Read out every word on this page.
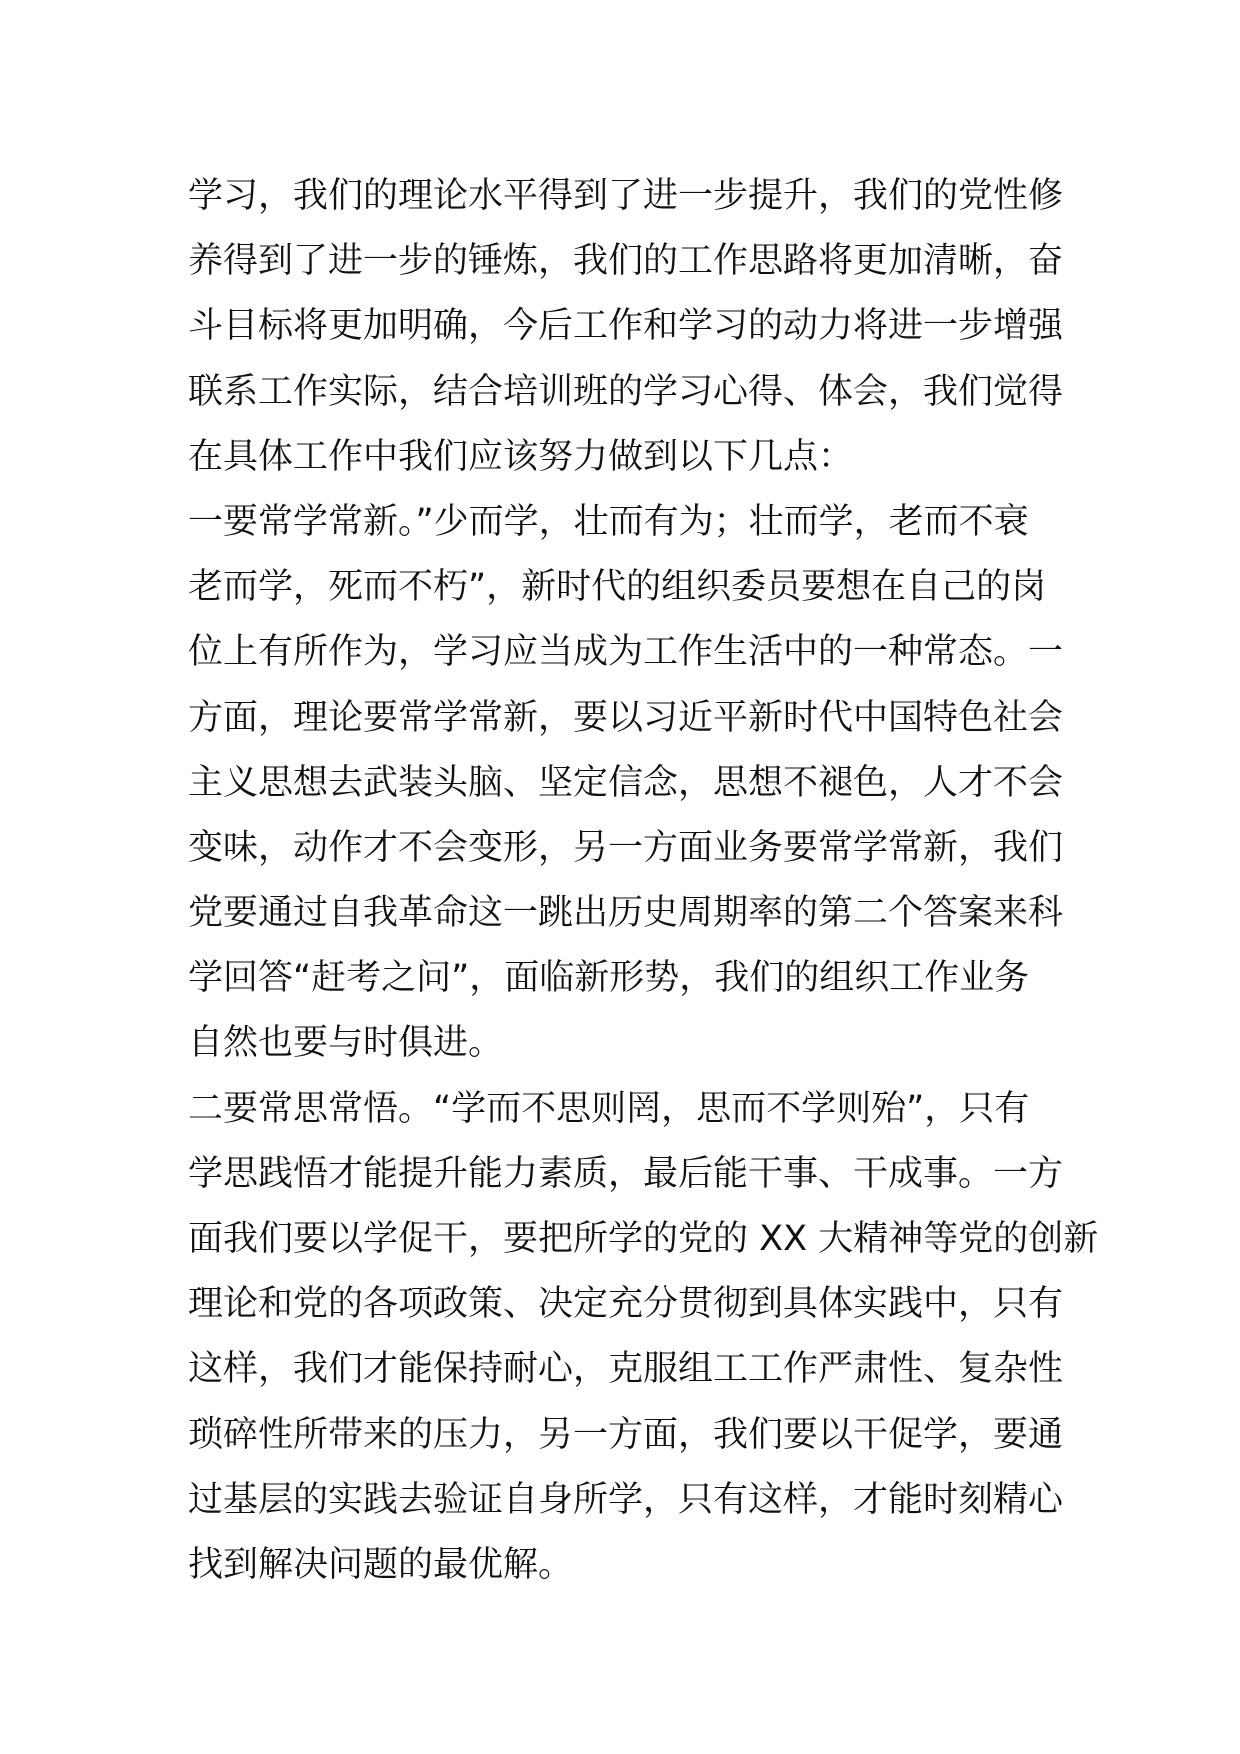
学习，我们的理论水平得到了进一步提升，我们的党性修
养得到了进一步的锤炼，我们的工作思路将更加清晰，奋
斗目标将更加明确，今后工作和学习的动力将进一步增强
联系工作实际，结合培训班的学习心得、体会，我们觉得
在具体工作中我们应该努力做到以下几点：
一要常学常新。”少而学，壮而有为；壮而学，老而不衰
老而学，死而不朽”，新时代的组织委员要想在自己的岗
位上有所作为，学习应当成为工作生活中的一种常态。一
方面，理论要常学常新，要以习近平新时代中国特色社会
主义思想去武装头脑、坚定信念，思想不褪色，人才不会
变味，动作才不会变形，另一方面业务要常学常新，我们
党要通过自我革命这一跳出历史周期率的第二个答案来科
学回答“赶考之问”，面临新形势，我们的组织工作业务
自然也要与时俱进。
二要常思常悟。“学而不思则罔，思而不学则殆”，只有
学思践悟才能提升能力素质，最后能干事、干成事。一方
面我们要以学促干，要把所学的党的 XX 大精神等党的创新
理论和党的各项政策、决定充分贯彻到具体实践中，只有
这样，我们才能保持耐心，克服组工工作严肃性、复杂性
琐碎性所带来的压力，另一方面，我们要以干促学，要通
过基层的实践去验证自身所学，只有这样，才能时刻精心
找到解决问题的最优解。
